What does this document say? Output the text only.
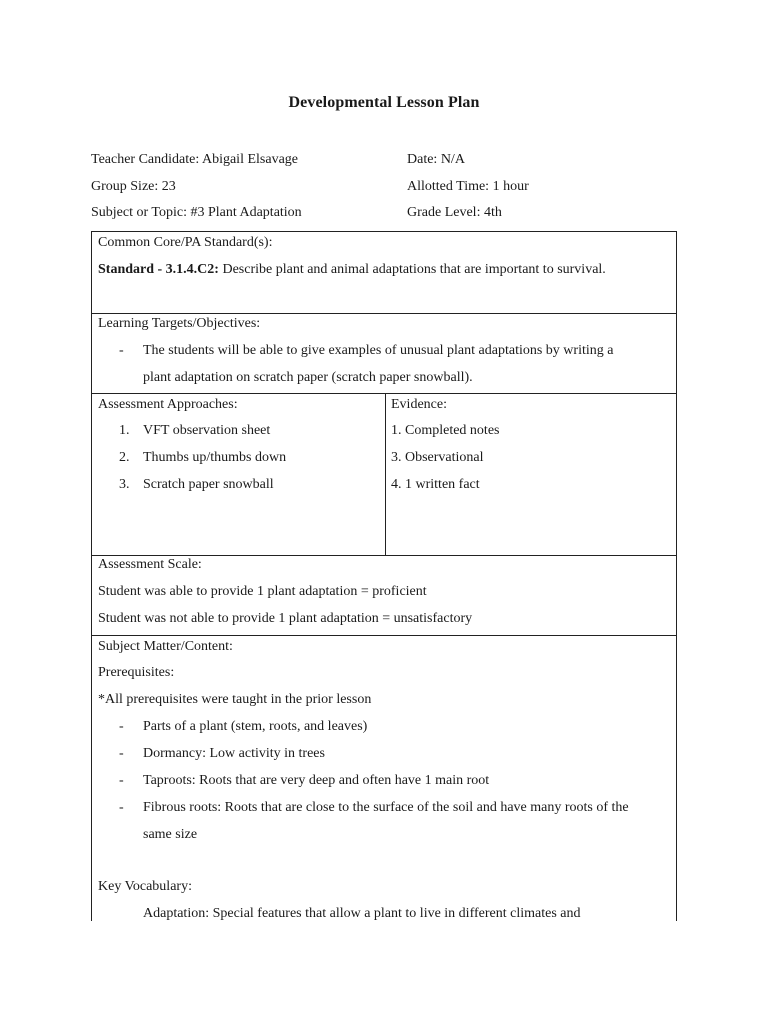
Developmental Lesson Plan
Teacher Candidate: Abigail Elsavage	Date: N/A
Group Size: 23	Allotted Time: 1 hour
Subject or Topic: #3 Plant Adaptation	Grade Level: 4th
Common Core/PA Standard(s):
Standard - 3.1.4.C2: Describe plant and animal adaptations that are important to survival.
Learning Targets/Objectives:
- The students will be able to give examples of unusual plant adaptations by writing a
plant adaptation on scratch paper (scratch paper snowball).
Assessment Approaches:
1. VFT observation sheet
2. Thumbs up/thumbs down
3. Scratch paper snowball
Evidence:
1. Completed notes
3. Observational
4. 1 written fact
Assessment Scale:
Student was able to provide 1 plant adaptation = proficient
Student was not able to provide 1 plant adaptation = unsatisfactory
Subject Matter/Content:
Prerequisites:
*All prerequisites were taught in the prior lesson
- Parts of a plant (stem, roots, and leaves)
- Dormancy: Low activity in trees
- Taproots: Roots that are very deep and often have 1 main root
- Fibrous roots: Roots that are close to the surface of the soil and have many roots of the
same size
Key Vocabulary:
Adaptation: Special features that allow a plant to live in different climates and
